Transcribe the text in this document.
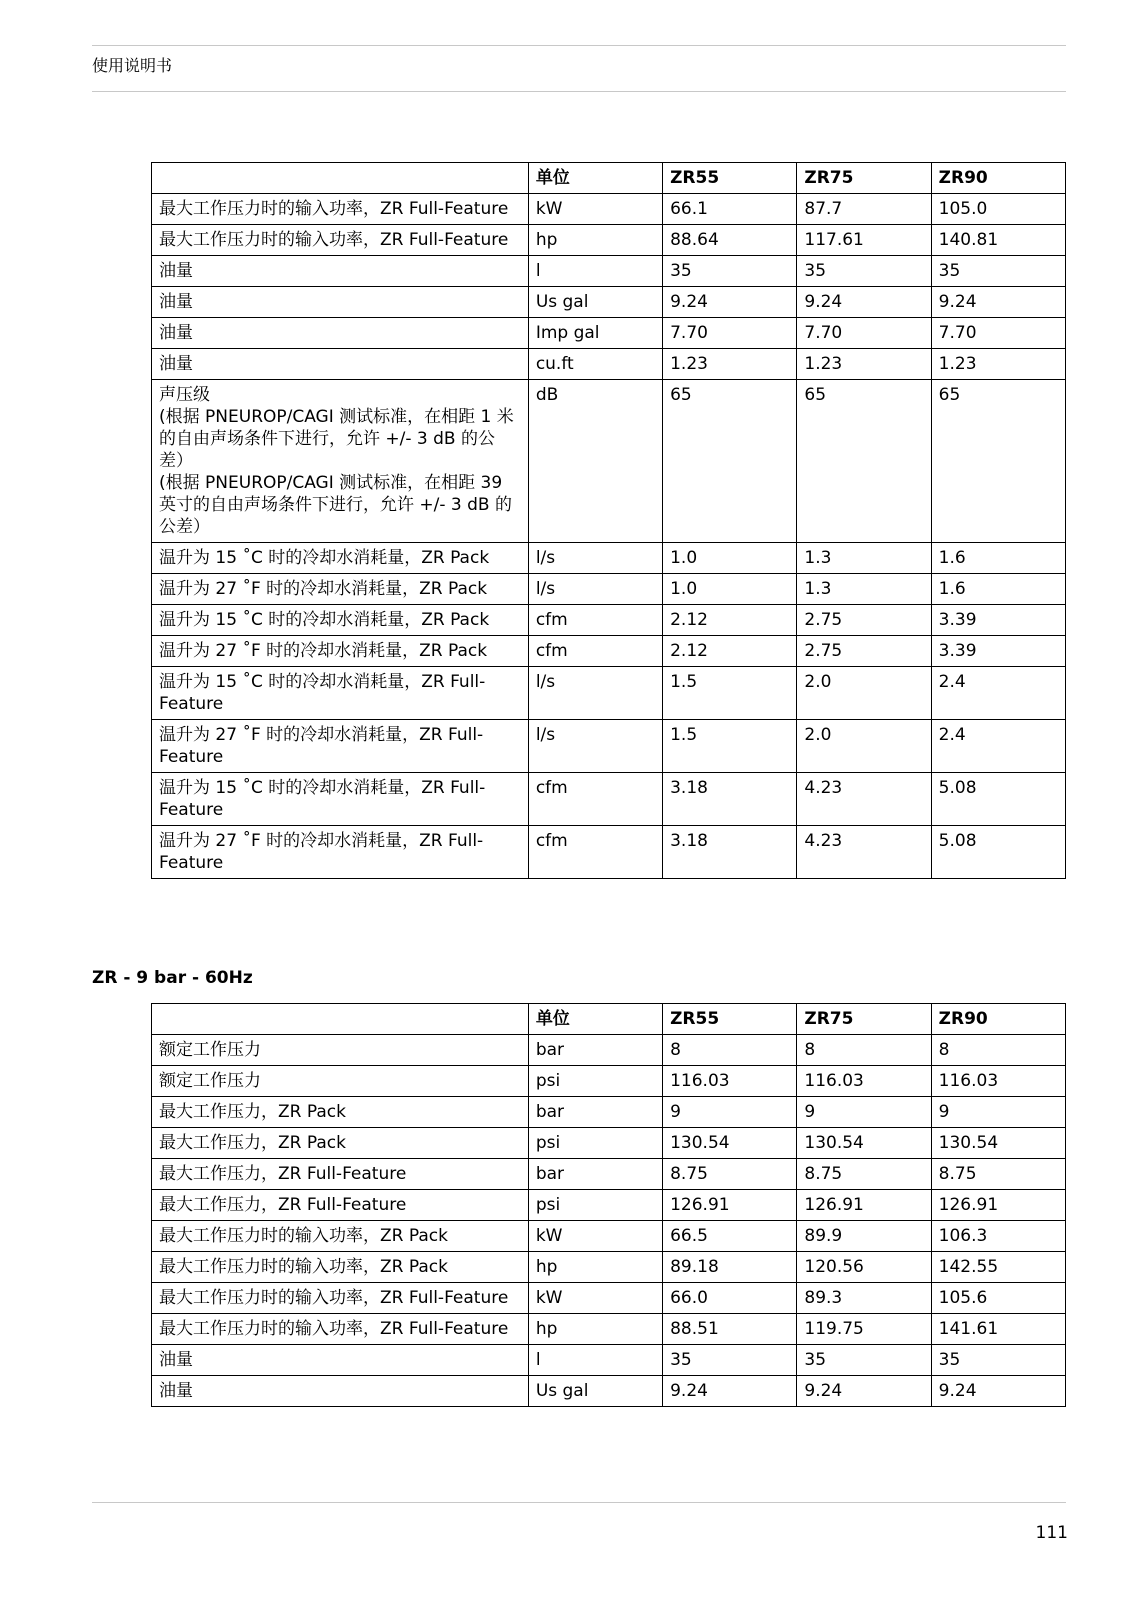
使用说明书
	单位	ZR55	ZR75	ZR90
最大工作压力时的输入功率，ZR Full-Feature	kW	66.1	87.7	105.0
最大工作压力时的输入功率，ZR Full-Feature	hp	88.64	117.61	140.81
油量	l	35	35	35
油量	Us gal	9.24	9.24	9.24
油量	Imp gal	7.70	7.70	7.70
油量	cu.ft	1.23	1.23	1.23
声压级
(根据 PNEUROP/CAGI 测试标准，在相距 1 米的自由声场条件下进行，允许 +/- 3 dB 的公差）
(根据 PNEUROP/CAGI 测试标准，在相距 39 英寸的自由声场条件下进行，允许 +/- 3 dB 的公差）	dB	65	65	65
温升为 15 ˚C 时的冷却水消耗量，ZR Pack	l/s	1.0	1.3	1.6
温升为 27 ˚F 时的冷却水消耗量，ZR Pack	l/s	1.0	1.3	1.6
温升为 15 ˚C 时的冷却水消耗量，ZR Pack	cfm	2.12	2.75	3.39
温升为 27 ˚F 时的冷却水消耗量，ZR Pack	cfm	2.12	2.75	3.39
温升为 15 ˚C 时的冷却水消耗量，ZR Full-Feature	l/s	1.5	2.0	2.4
温升为 27 ˚F 时的冷却水消耗量，ZR Full-Feature	l/s	1.5	2.0	2.4
温升为 15 ˚C 时的冷却水消耗量，ZR Full-Feature	cfm	3.18	4.23	5.08
温升为 27 ˚F 时的冷却水消耗量，ZR Full-Feature	cfm	3.18	4.23	5.08
ZR - 9 bar - 60Hz
	单位	ZR55	ZR75	ZR90
额定工作压力	bar	8	8	8
额定工作压力	psi	116.03	116.03	116.03
最大工作压力，ZR Pack	bar	9	9	9
最大工作压力，ZR Pack	psi	130.54	130.54	130.54
最大工作压力，ZR Full-Feature	bar	8.75	8.75	8.75
最大工作压力，ZR Full-Feature	psi	126.91	126.91	126.91
最大工作压力时的输入功率，ZR Pack	kW	66.5	89.9	106.3
最大工作压力时的输入功率，ZR Pack	hp	89.18	120.56	142.55
最大工作压力时的输入功率，ZR Full-Feature	kW	66.0	89.3	105.6
最大工作压力时的输入功率，ZR Full-Feature	hp	88.51	119.75	141.61
油量	l	35	35	35
油量	Us gal	9.24	9.24	9.24
111
